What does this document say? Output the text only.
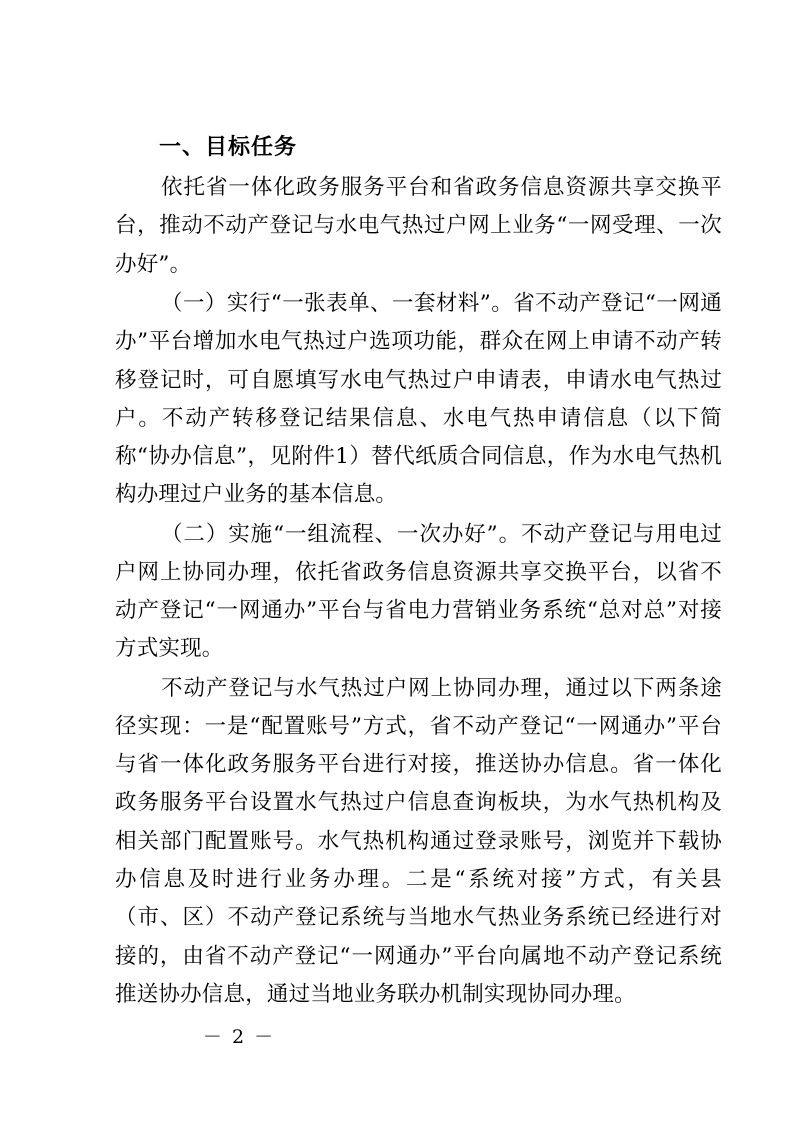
一、目标任务

依托省一体化政务服务平台和省政务信息资源共享交换平台，推动不动产登记与水电气热过户网上业务“一网受理、一次办好”。

（一）实行“一张表单、一套材料”。省不动产登记“一网通办”平台增加水电气热过户选项功能，群众在网上申请不动产转移登记时，可自愿填写水电气热过户申请表，申请水电气热过户。不动产转移登记结果信息、水电气热申请信息（以下简称“协办信息”，见附件1）替代纸质合同信息，作为水电气热机构办理过户业务的基本信息。

（二）实施“一组流程、一次办好”。不动产登记与用电过户网上协同办理，依托省政务信息资源共享交换平台，以省不动产登记“一网通办”平台与省电力营销业务系统“总对总”对接方式实现。

不动产登记与水气热过户网上协同办理，通过以下两条途径实现：一是“配置账号”方式，省不动产登记“一网通办”平台与省一体化政务服务平台进行对接，推送协办信息。省一体化政务服务平台设置水气热过户信息查询板块，为水气热机构及相关部门配置账号。水气热机构通过登录账号，浏览并下载协办信息及时进行业务办理。二是“系统对接”方式，有关县（市、区）不动产登记系统与当地水气热业务系统已经进行对接的，由省不动产登记“一网通办”平台向属地不动产登记系统推送协办信息，通过当地业务联办机制实现协同办理。

－ 2 －
